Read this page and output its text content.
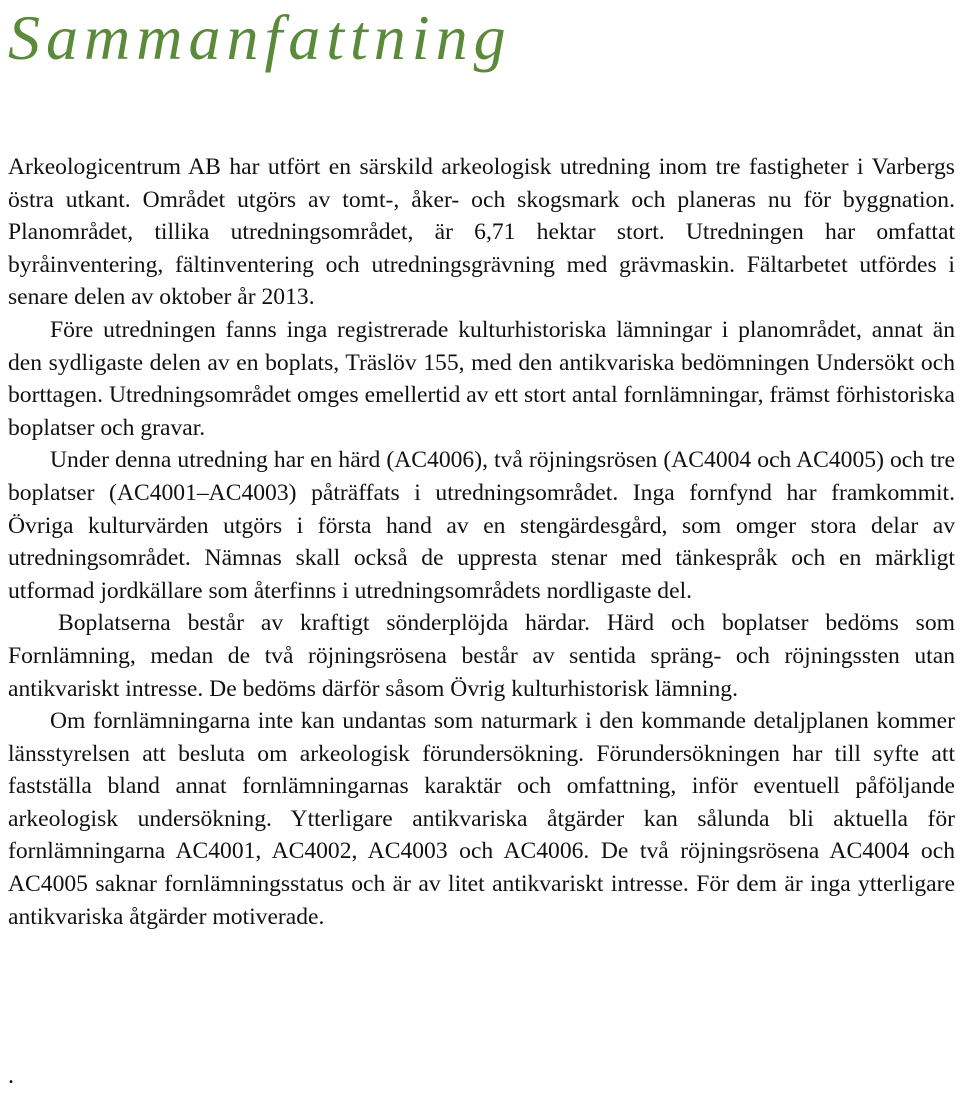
Sammanfattning

Arkeologicentrum AB har utfört en särskild arkeologisk utredning inom tre fastigheter i Varbergs östra utkant. Området utgörs av tomt-, åker- och skogsmark och planeras nu för byggnation. Planområdet, tillika utredningsområdet, är 6,71 hektar stort. Utredningen har omfattat byråinventering, fältinventering och utredningsgrävning med grävmaskin. Fältarbetet utfördes i senare delen av oktober år 2013.

Före utredningen fanns inga registrerade kulturhistoriska lämningar i planområdet, annat än den sydligaste delen av en boplats, Träslöv 155, med den antikvariska bedömningen Undersökt och borttagen. Utredningsområdet omges emellertid av ett stort antal fornlämningar, främst förhistoriska boplatser och gravar.

Under denna utredning har en härd (AC4006), två röjningsrösen (AC4004 och AC4005) och tre boplatser (AC4001–AC4003) påträffats i utredningsområdet. Inga fornfynd har framkommit. Övriga kulturvärden utgörs i första hand av en stengärdesgård, som omger stora delar av utredningsområdet. Nämnas skall också de uppresta stenar med tänkespråk och en märkligt utformad jordkällare som återfinns i utredningsområdets nordligaste del.

Boplatserna består av kraftigt sönderplöjda härdar. Härd och boplatser bedöms som Fornlämning, medan de två röjningsrösena består av sentida spräng- och röjningssten utan antikvariskt intresse. De bedöms därför såsom Övrig kulturhistorisk lämning.

Om fornlämningarna inte kan undantas som naturmark i den kommande detaljplanen kommer länsstyrelsen att besluta om arkeologisk förundersökning. Förundersökningen har till syfte att fastställa bland annat fornlämningarnas karaktär och omfattning, inför eventuell påföljande arkeologisk undersökning. Ytterligare antikvariska åtgärder kan sålunda bli aktuella för fornlämningarna AC4001, AC4002, AC4003 och AC4006. De två röjningsrösena AC4004 och AC4005 saknar fornlämningsstatus och är av litet antikvariskt intresse. För dem är inga ytterligare antikvariska åtgärder motiverade.

.
